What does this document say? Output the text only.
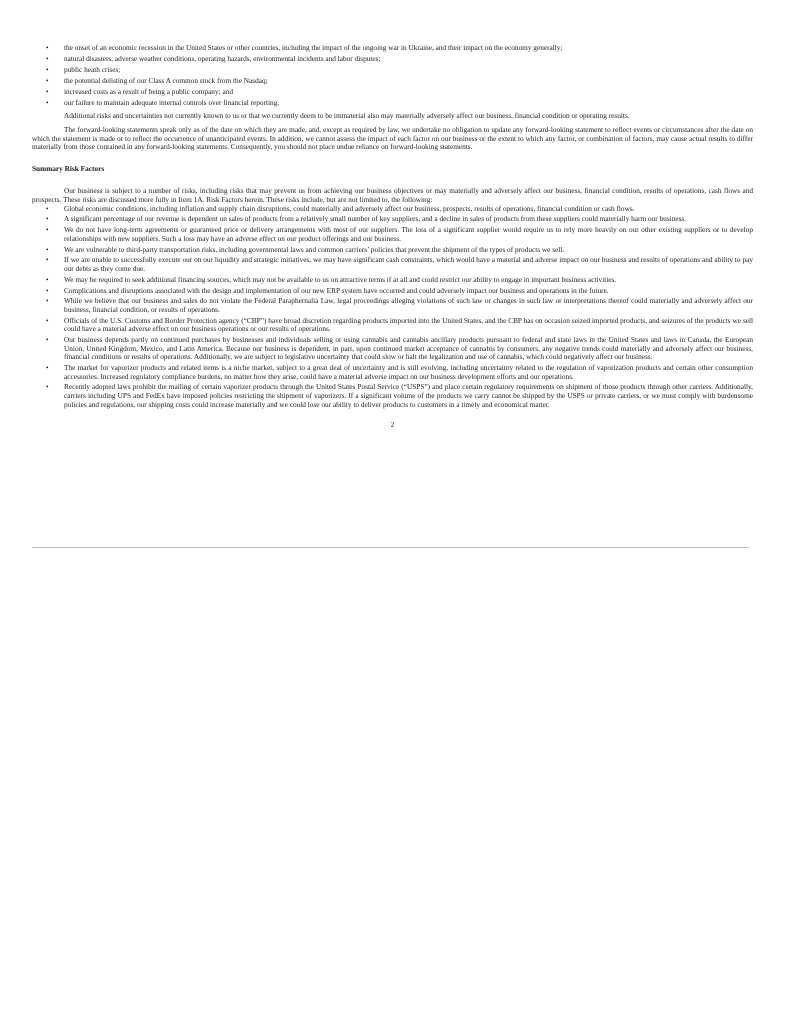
• the onset of an economic recession in the United States or other countries, including the impact of the ongoing war in Ukraine, and their impact on the economy generally;
• natural disasters, adverse weather conditions, operating hazards, environmental incidents and labor disputes;
• public heath crises;
• the potential delisting of our Class A common stock from the Nasdaq;
• increased costs as a result of being a public company; and
• our failure to maintain adequate internal controls over financial reporting.

Additional risks and uncertainties not currently known to us or that we currently deem to be immaterial also may materially adversely affect our business, financial condition or operating results.

The forward-looking statements speak only as of the date on which they are made, and, except as required by law, we undertake no obligation to update any forward-looking statement to reflect events or circumstances after the date on which the statement is made or to reflect the occurrence of unanticipated events. In addition, we cannot assess the impact of each factor on our business or the extent to which any factor, or combination of factors, may cause actual results to differ materially from those contained in any forward-looking statements. Consequently, you should not place undue reliance on forward-looking statements.

Summary Risk Factors

Our business is subject to a number of risks, including risks that may prevent us from achieving our business objectives or may materially and adversely affect our business, financial condition, results of operations, cash flows and prospects. These risks are discussed more fully in Item 1A. Risk Factors herein. These risks include, but are not limited to, the following:

• Global economic conditions, including inflation and supply chain disruptions, could materially and adversely affect our business, prospects, results of operations, financial condition or cash flows.
• A significant percentage of our revenue is dependent on sales of products from a relatively small number of key suppliers, and a decline in sales of products from these suppliers could materially harm our business.
• We do not have long-term agreements or guaranteed price or delivery arrangements with most of our suppliers. The loss of a significant supplier would require us to rely more heavily on our other existing suppliers or to develop relationships with new suppliers. Such a loss may have an adverse effect on our product offerings and our business.
• We are vulnerable to third-party transportation risks, including governmental laws and common carriers’ policies that prevent the shipment of the types of products we sell.
• If we are unable to successfully execute our on our liquidity and strategic initiatives, we may have significant cash constraints, which would have a material and adverse impact on our business and results of operations and ability to pay our debts as they come due.
• We may be required to seek additional financing sources, which may not be available to us on attractive terms if at all and could restrict our ability to engage in important business activities.
• Complications and disruptions associated with the design and implementation of our new ERP system have occurred and could adversely impact our business and operations in the future.
• While we believe that our business and sales do not violate the Federal Paraphernalia Law, legal proceedings alleging violations of such law or changes in such law or interpretations thereof could materially and adversely affect our business, financial condition, or results of operations.
• Officials of the U.S. Customs and Border Protection agency (“CBP”) have broad discretion regarding products imported into the United States, and the CBP has on occasion seized imported products, and seizures of the products we sell could have a material adverse effect on our business operations or our results of operations.
• Our business depends partly on continued purchases by businesses and individuals selling or using cannabis and cannabis ancillary products pursuant to federal and state laws in the United States and laws in Canada, the European Union, United Kingdom, Mexico, and Latin America. Because our business is dependent, in part, upon continued market acceptance of cannabis by consumers, any negative trends could materially and adversely affect our business, financial conditions or results of operations. Additionally, we are subject to legislative uncertainty that could slow or halt the legalization and use of cannabis, which could negatively affect our business.
• The market for vaporizer products and related items is a niche market, subject to a great deal of uncertainty and is still evolving, including uncertainty related to the regulation of vaporization products and certain other consumption accessories. Increased regulatory compliance burdens, no matter how they arise, could have a material adverse impact on our business development efforts and our operations.
• Recently adopted laws prohibit the mailing of certain vaporizer products through the United States Postal Service (“USPS”) and place certain regulatory requirements on shipment of those products through other carriers. Additionally, carriers including UPS and FedEx have imposed policies restricting the shipment of vaporizers. If a significant volume of the products we carry cannot be shipped by the USPS or private carriers, or we must comply with burdensome policies and regulations, our shipping costs could increase materially and we could lose our ability to deliver products to customers in a timely and economical matter.
2
